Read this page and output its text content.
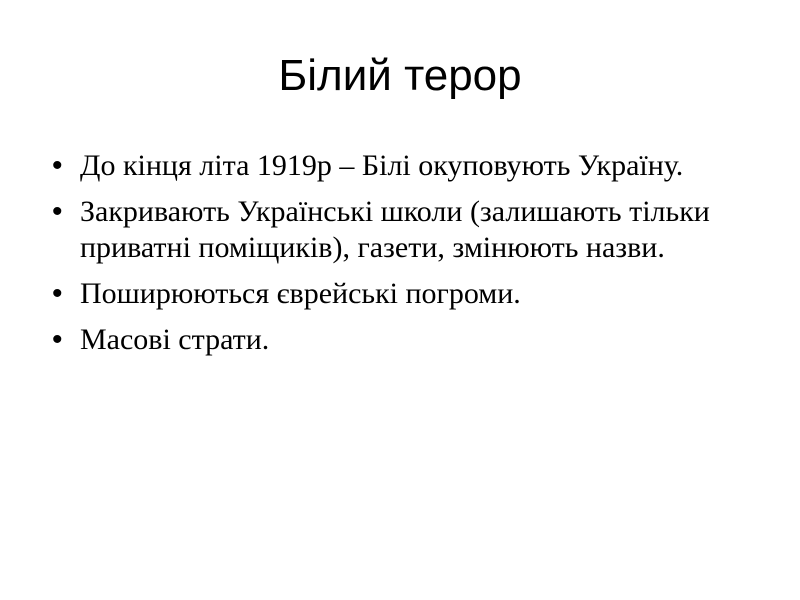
Білий терор
• До кінця літа 1919р – Білі окуповують Україну.
• Закривають Українські школи (залишають тільки приватні поміщиків), газети, змінюють назви.
• Поширюються єврейські погроми.
• Масові страти.
